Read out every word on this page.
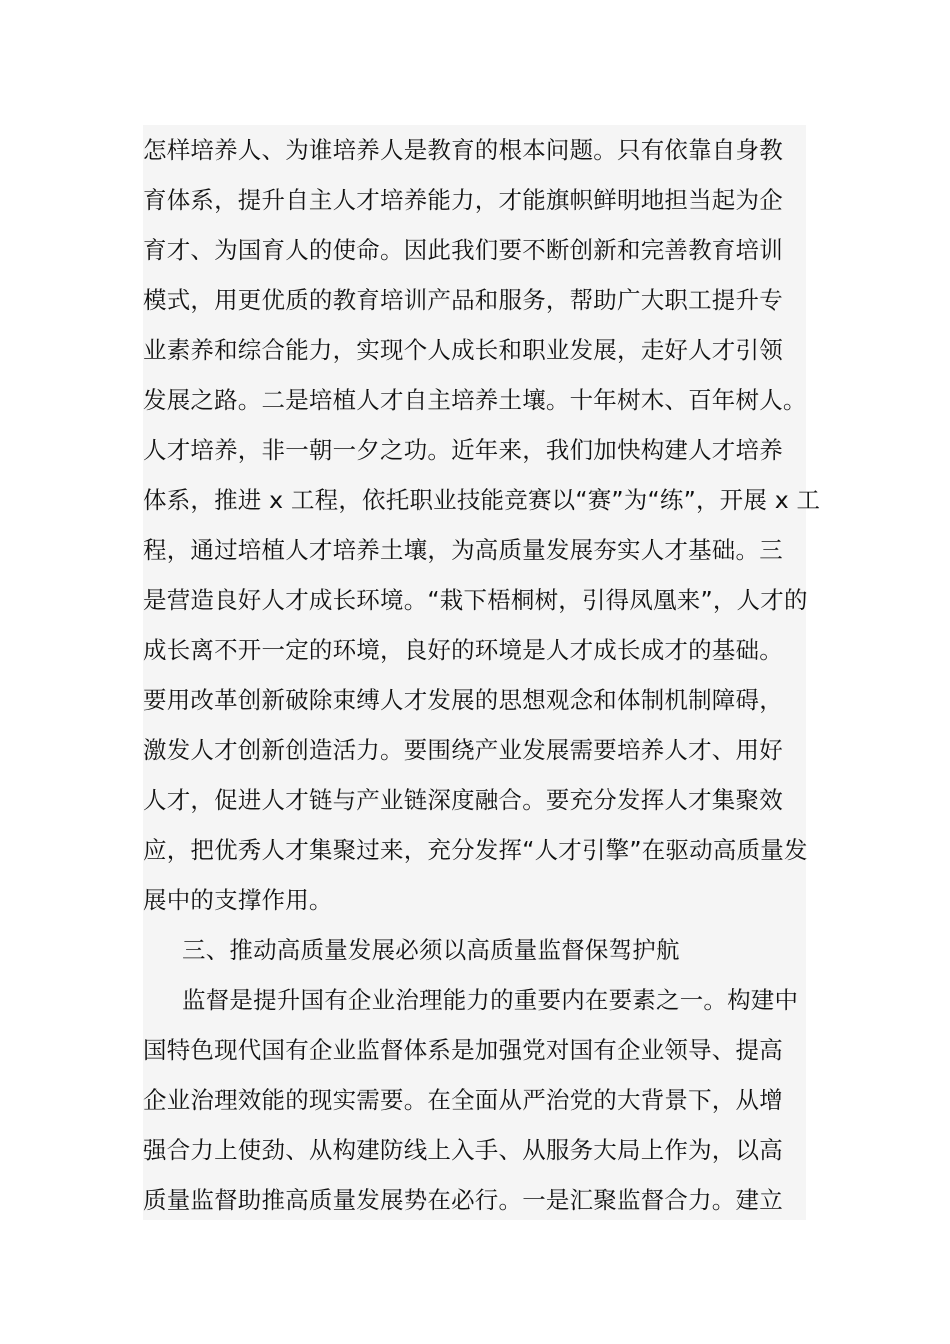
怎样培养人、为谁培养人是教育的根本问题。只有依靠自身教
育体系，提升自主人才培养能力，才能旗帜鲜明地担当起为企
育才、为国育人的使命。因此我们要不断创新和完善教育培训
模式，用更优质的教育培训产品和服务，帮助广大职工提升专
业素养和综合能力，实现个人成长和职业发展，走好人才引领
发展之路。二是培植人才自主培养土壤。十年树木、百年树人。
人才培养，非一朝一夕之功。近年来，我们加快构建人才培养
体系，推进 x 工程，依托职业技能竞赛以“赛”为“练”，开展 x 工
程，通过培植人才培养土壤，为高质量发展夯实人才基础。三
是营造良好人才成长环境。“栽下梧桐树，引得凤凰来”，人才的
成长离不开一定的环境，良好的环境是人才成长成才的基础。
要用改革创新破除束缚人才发展的思想观念和体制机制障碍，
激发人才创新创造活力。要围绕产业发展需要培养人才、用好
人才，促进人才链与产业链深度融合。要充分发挥人才集聚效
应，把优秀人才集聚过来，充分发挥“人才引擎”在驱动高质量发
展中的支撑作用。
三、推动高质量发展必须以高质量监督保驾护航
监督是提升国有企业治理能力的重要内在要素之一。构建中
国特色现代国有企业监督体系是加强党对国有企业领导、提高
企业治理效能的现实需要。在全面从严治党的大背景下，从增
强合力上使劲、从构建防线上入手、从服务大局上作为，以高
质量监督助推高质量发展势在必行。一是汇聚监督合力。建立
